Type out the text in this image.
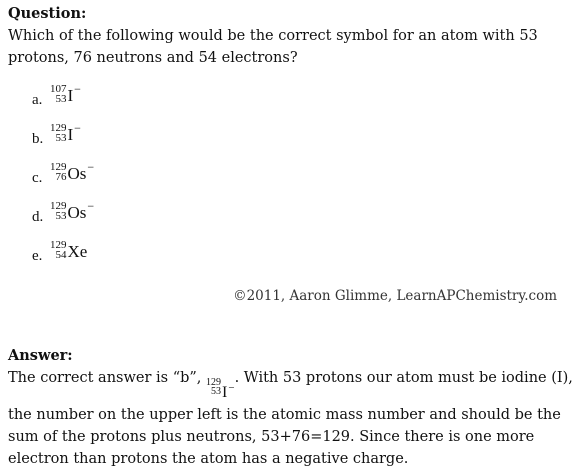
Question:
Which of the following would be the correct symbol for an atom with 53 protons, 76 neutrons and 54 electrons?
a.
107
53 I −
b.
129
53 I −
c.
129
76 Os −
d.
129
53 Os −
e.
129
54 Xe
©2011, Aaron Glimme, LearnAPChemistry.com
Answer:
The correct answer is “b”, 129
53 I −
. With 53 protons our atom must be iodine (I), the number on the upper left is the atomic mass number and should be the sum of the protons plus neutrons, 53+76=129. Since there is one more electron than protons the atom has a negative charge.
